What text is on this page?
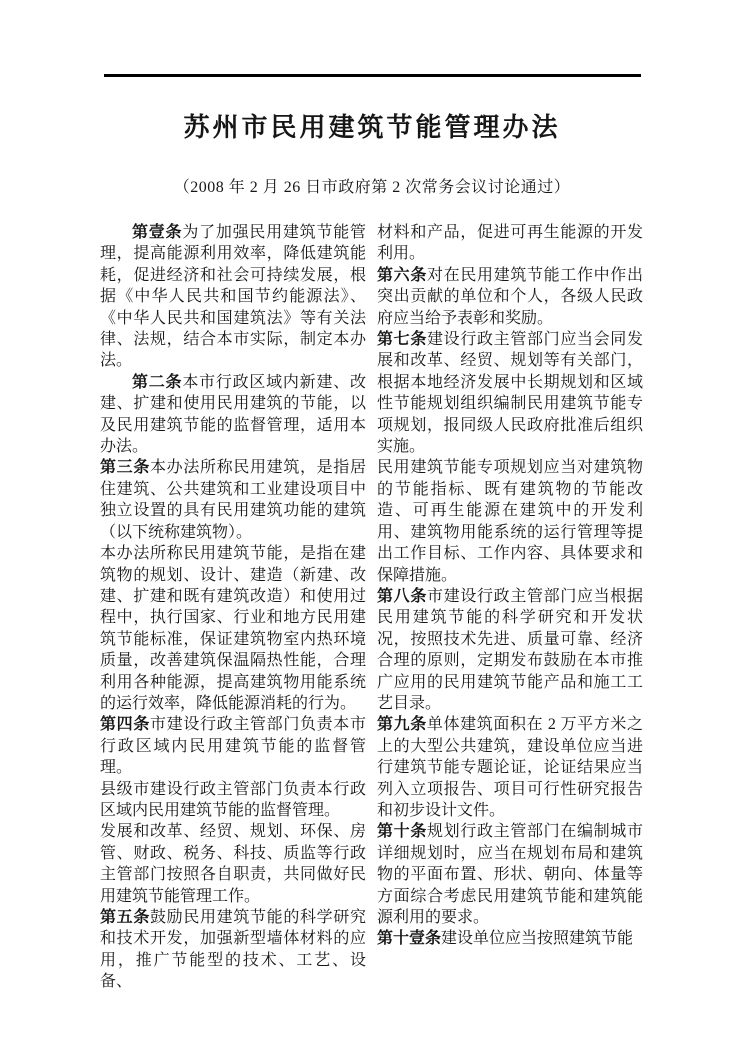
苏州市民用建筑节能管理办法
（2008 年 2 月 26 日市政府第 2 次常务会议讨论通过）

第壹条为了加强民用建筑节能管理，提高能源利用效率，降低建筑能耗，促进经济和社会可持续发展，根据《中华人民共和国节约能源法》、《中华人民共和国建筑法》等有关法律、法规，结合本市实际，制定本办法。

第二条本市行政区域内新建、改建、扩建和使用民用建筑的节能，以及民用建筑节能的监督管理，适用本办法。

第三条本办法所称民用建筑，是指居住建筑、公共建筑和工业建设项目中独立设置的具有民用建筑功能的建筑（以下统称建筑物）。

本办法所称民用建筑节能，是指在建筑物的规划、设计、建造（新建、改建、扩建和既有建筑改造）和使用过程中，执行国家、行业和地方民用建筑节能标准，保证建筑物室内热环境质量，改善建筑保温隔热性能，合理利用各种能源，提高建筑物用能系统的运行效率，降低能源消耗的行为。

第四条市建设行政主管部门负责本市行政区域内民用建筑节能的监督管理。

县级市建设行政主管部门负责本行政区域内民用建筑节能的监督管理。

发展和改革、经贸、规划、环保、房管、财政、税务、科技、质监等行政主管部门按照各自职责，共同做好民用建筑节能管理工作。

第五条鼓励民用建筑节能的科学研究和技术开发，加强新型墙体材料的应用，推广节能型的技术、工艺、设备、

材料和产品，促进可再生能源的开发利用。

第六条对在民用建筑节能工作中作出突出贡献的单位和个人，各级人民政府应当给予表彰和奖励。

第七条建设行政主管部门应当会同发展和改革、经贸、规划等有关部门，根据本地经济发展中长期规划和区域性节能规划组织编制民用建筑节能专项规划，报同级人民政府批准后组织实施。

民用建筑节能专项规划应当对建筑物的节能指标、既有建筑物的节能改造、可再生能源在建筑中的开发利用、建筑物用能系统的运行管理等提出工作目标、工作内容、具体要求和保障措施。

第八条市建设行政主管部门应当根据民用建筑节能的科学研究和开发状况，按照技术先进、质量可靠、经济合理的原则，定期发布鼓励在本市推广应用的民用建筑节能产品和施工工艺目录。

第九条单体建筑面积在 2 万平方米之上的大型公共建筑，建设单位应当进行建筑节能专题论证，论证结果应当列入立项报告、项目可行性研究报告和初步设计文件。

第十条规划行政主管部门在编制城市详细规划时，应当在规划布局和建筑物的平面布置、形状、朝向、体量等方面综合考虑民用建筑节能和建筑能源利用的要求。

第十壹条建设单位应当按照建筑节能
